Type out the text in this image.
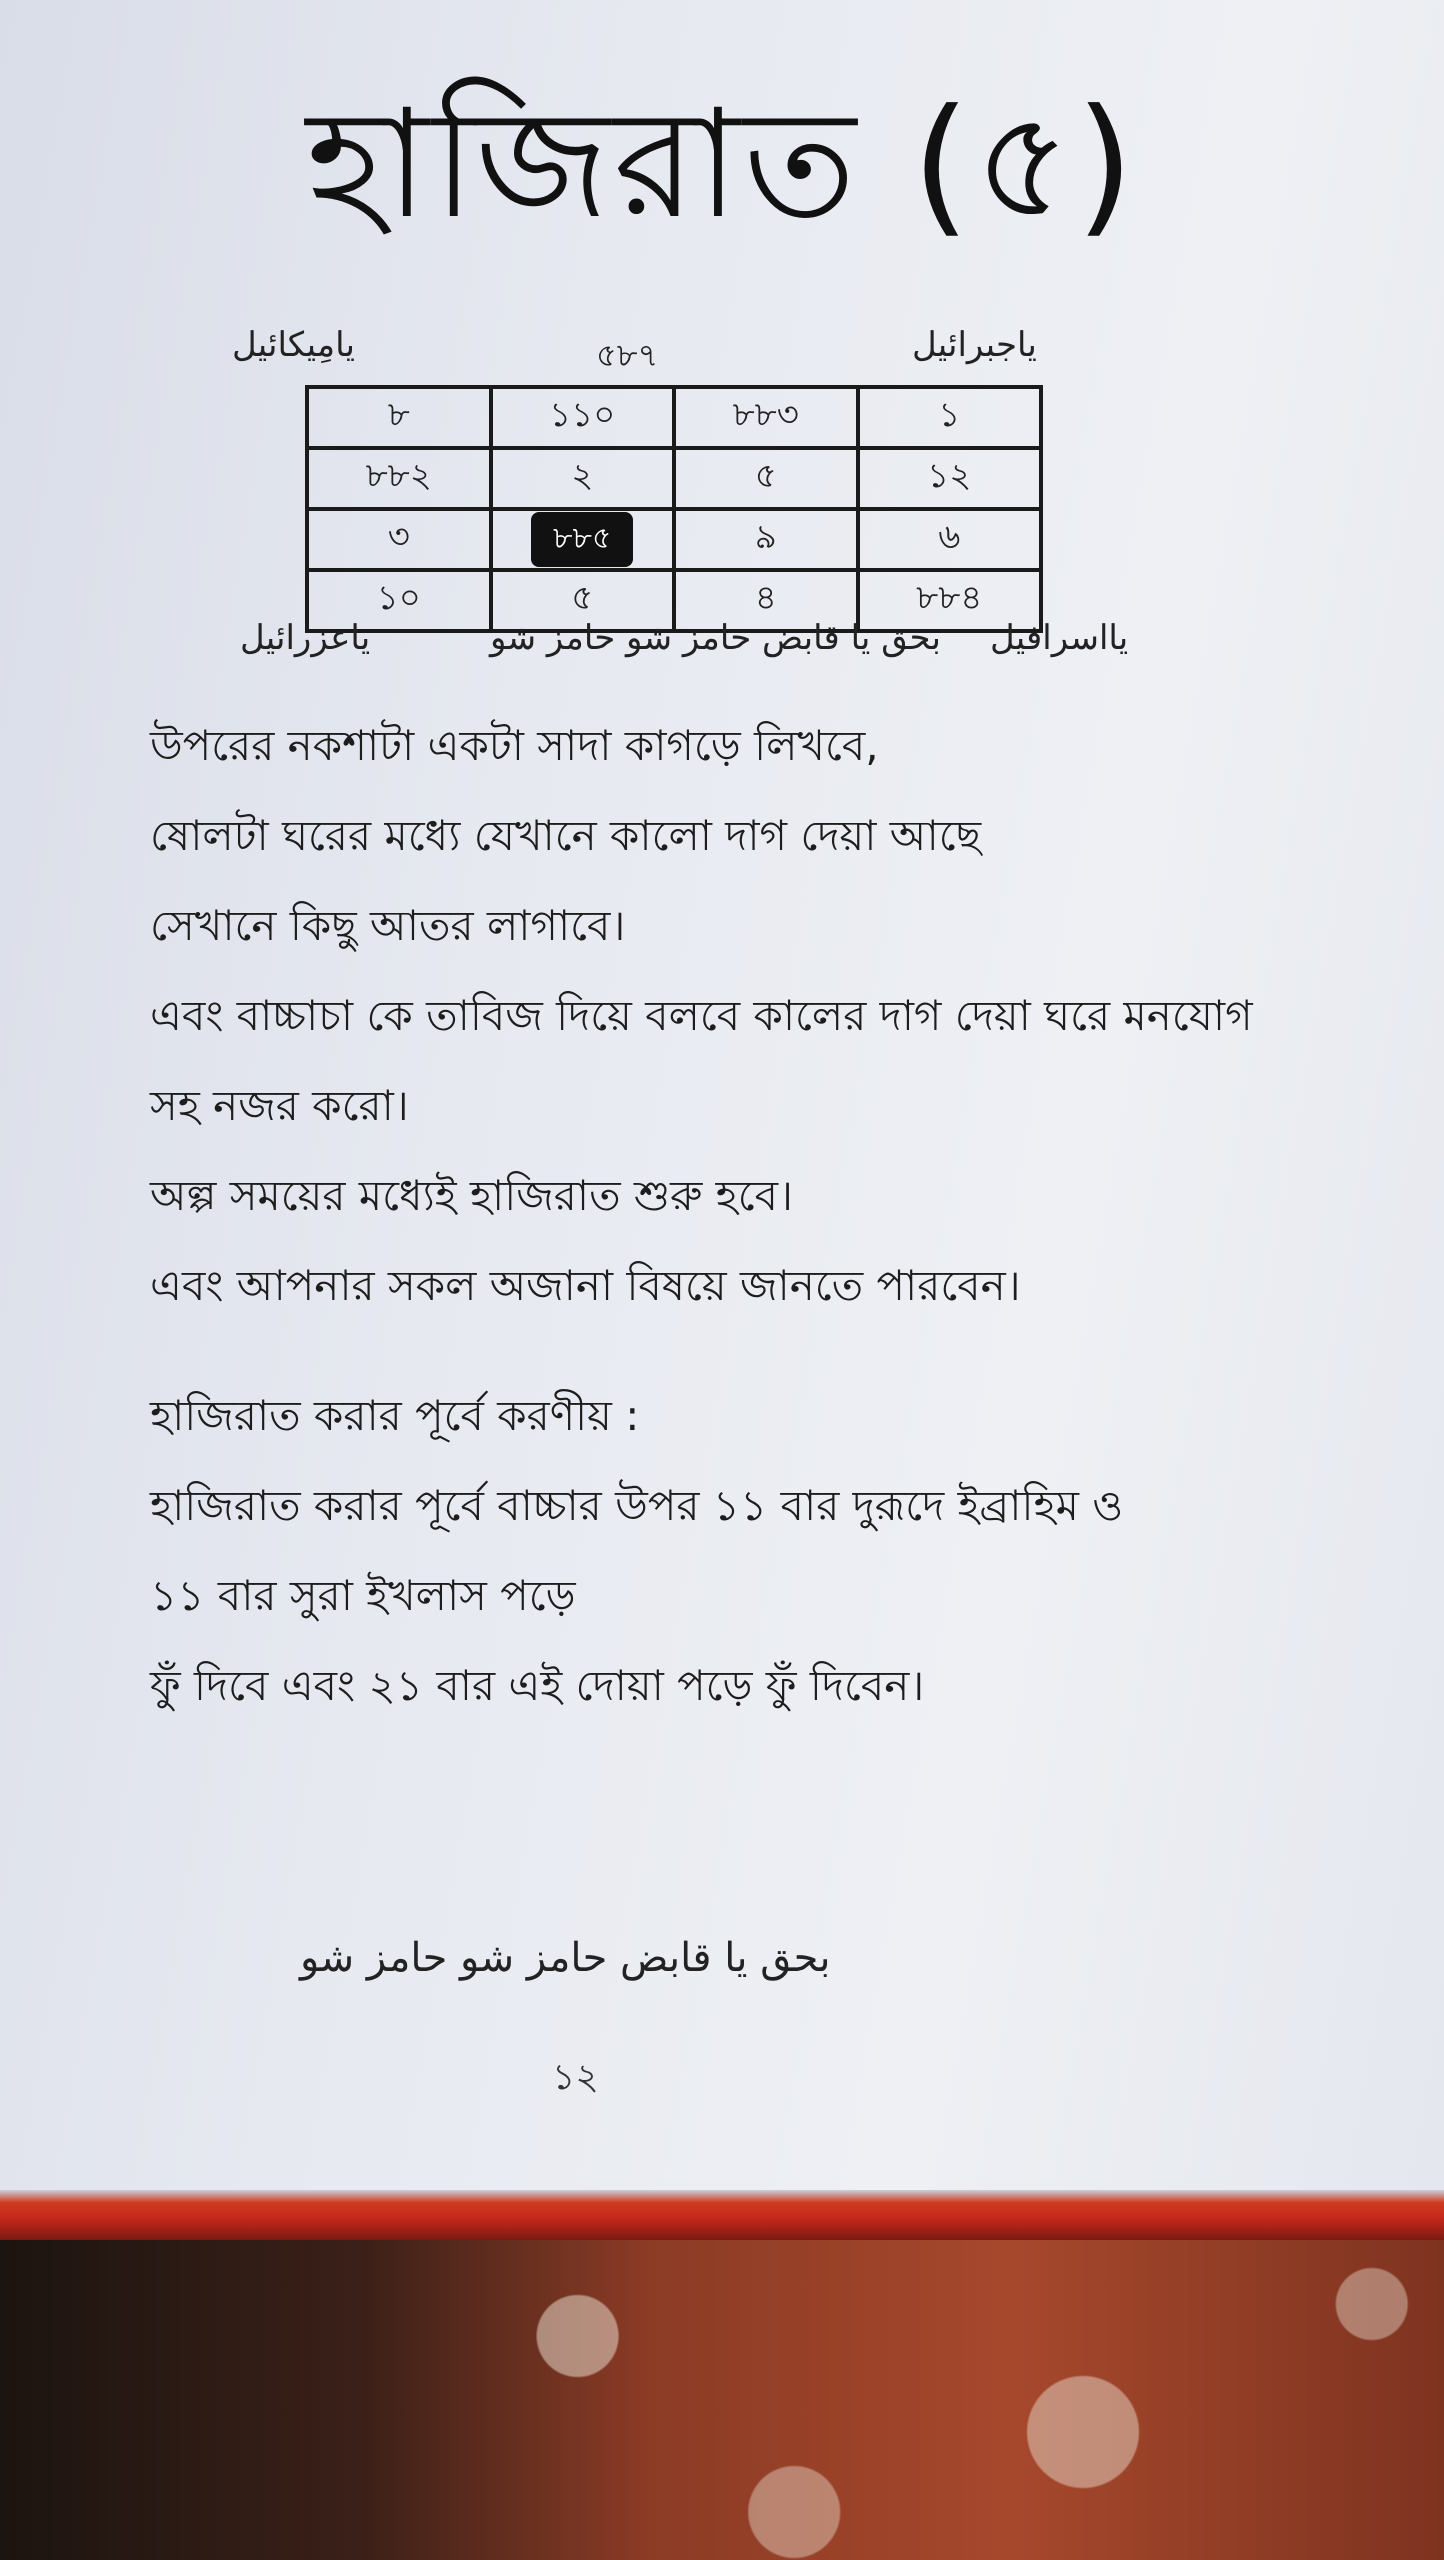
হাজিরাত (৫)
يامِيكائيل	৫৮৭	ياجبرائيل
৮	১১০	৮৮৩	১
৮৮২	২	৫	১২
৩	৮৮৫	৯	৬
১০	৫	৪	৮৮৪
ياعزرائيل	بحق يا قابض حامز شو حامز شو يااسرافيل

উপরের নকশাটা একটা সাদা কাগড়ে লিখবে,

ষোলটা ঘরের মধ্যে যেখানে কালো দাগ দেয়া আছে

সেখানে কিছু আতর লাগাবে।

এবং বাচ্চাচা কে তাবিজ দিয়ে বলবে কালের দাগ দেয়া ঘরে মনযোগ

সহ নজর করো।

অল্প সময়ের মধ্যেই হাজিরাত শুরু হবে।

এবং আপনার সকল অজানা বিষয়ে জানতে পারবেন।

হাজিরাত করার পূর্বে করণীয় :

হাজিরাত করার পূর্বে বাচ্চার উপর ১১ বার দুরূদে ইব্রাহিম ও

১১ বার সুরা ইখলাস পড়ে

ফুঁ দিবে এবং ২১ বার এই দোয়া পড়ে ফুঁ দিবেন।

بحق يا قابض حامز شو حامز شو
১২
